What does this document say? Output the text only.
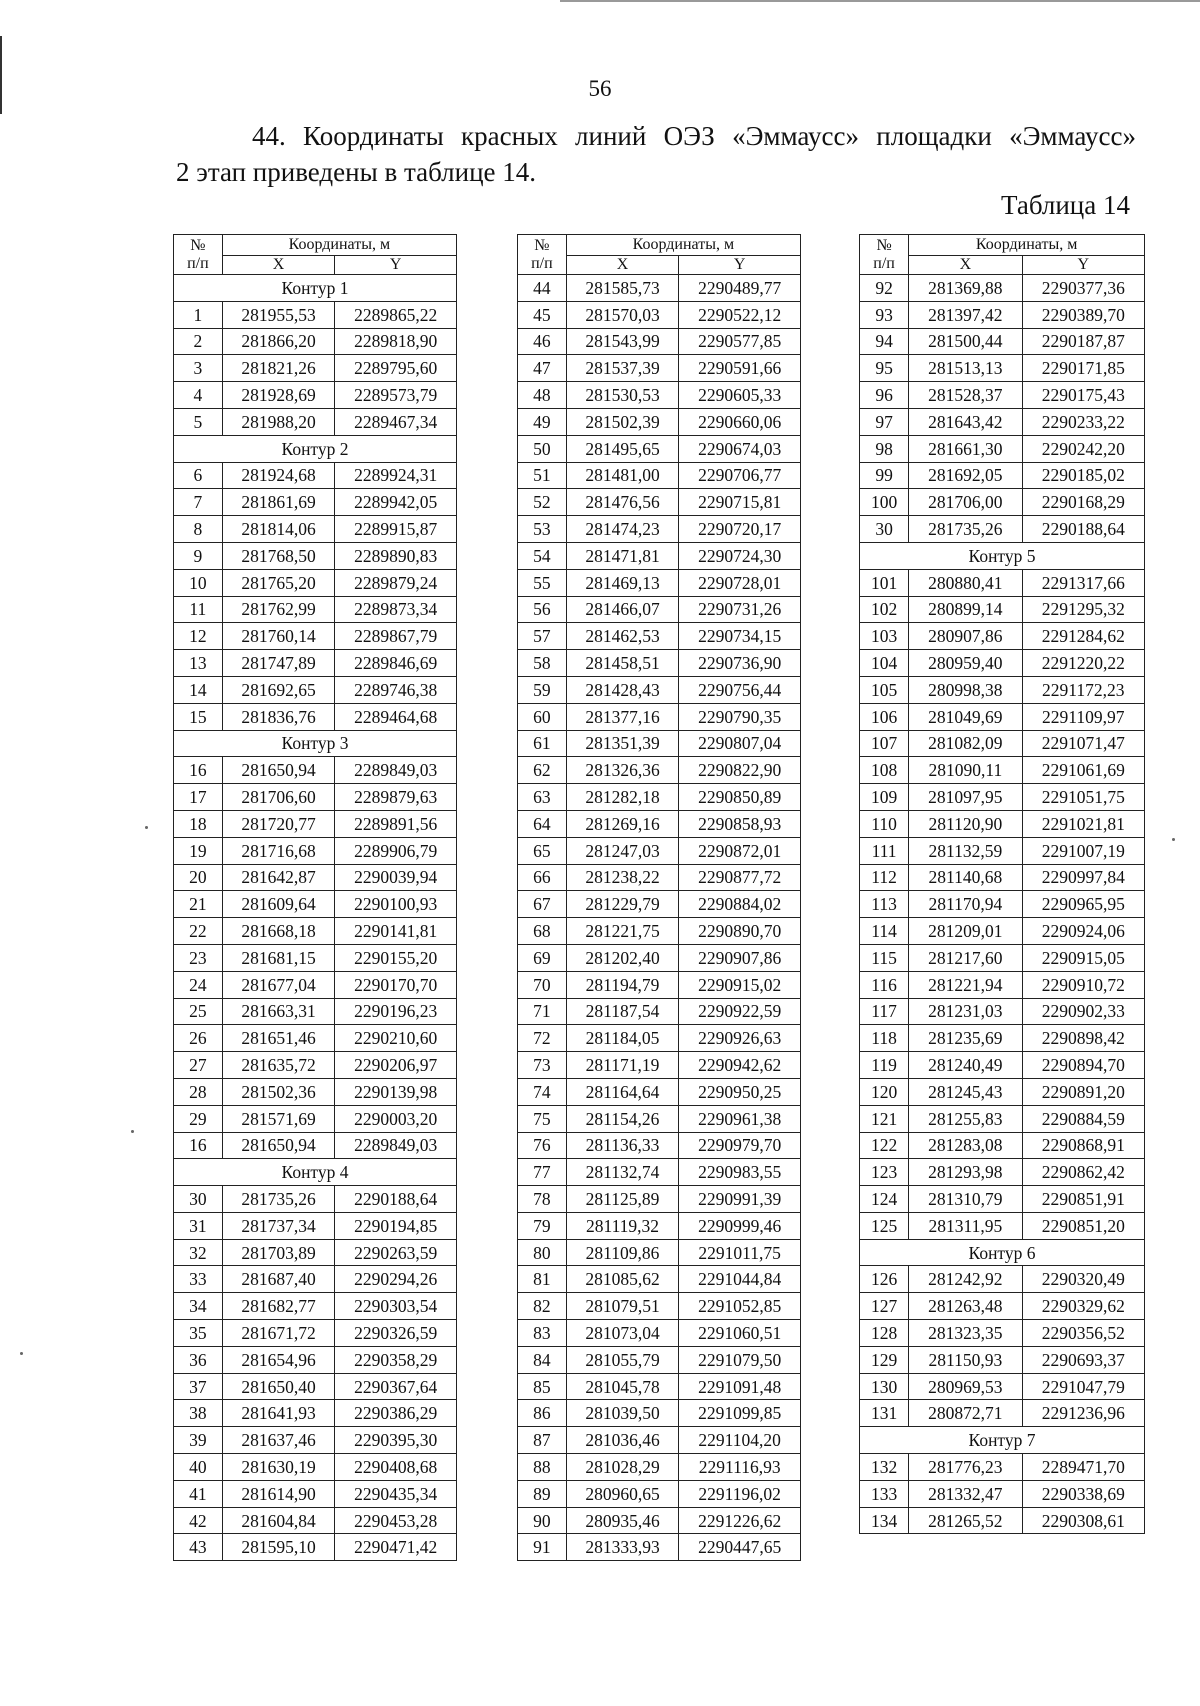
56
44. Координаты красных линий ОЭЗ «Эммаусс» площадки «Эммаусс»
2 этап приведены в таблице 14.
Таблица 14
№
п/п	Координаты, м	
	X	Y
Контур 1		
1	281955,53	2289865,22
2	281866,20	2289818,90
3	281821,26	2289795,60
4	281928,69	2289573,79
5	281988,20	2289467,34
Контур 2		
6	281924,68	2289924,31
7	281861,69	2289942,05
8	281814,06	2289915,87
9	281768,50	2289890,83
10	281765,20	2289879,24
11	281762,99	2289873,34
12	281760,14	2289867,79
13	281747,89	2289846,69
14	281692,65	2289746,38
15	281836,76	2289464,68
Контур 3		
16	281650,94	2289849,03
17	281706,60	2289879,63
18	281720,77	2289891,56
19	281716,68	2289906,79
20	281642,87	2290039,94
21	281609,64	2290100,93
22	281668,18	2290141,81
23	281681,15	2290155,20
24	281677,04	2290170,70
25	281663,31	2290196,23
26	281651,46	2290210,60
27	281635,72	2290206,97
28	281502,36	2290139,98
29	281571,69	2290003,20
16	281650,94	2289849,03
Контур 4		
30	281735,26	2290188,64
31	281737,34	2290194,85
32	281703,89	2290263,59
33	281687,40	2290294,26
34	281682,77	2290303,54
35	281671,72	2290326,59
36	281654,96	2290358,29
37	281650,40	2290367,64
38	281641,93	2290386,29
39	281637,46	2290395,30
40	281630,19	2290408,68
41	281614,90	2290435,34
42	281604,84	2290453,28
43	281595,10	2290471,42
№
п/п	Координаты, м	
	X	Y
44	281585,73	2290489,77
45	281570,03	2290522,12
46	281543,99	2290577,85
47	281537,39	2290591,66
48	281530,53	2290605,33
49	281502,39	2290660,06
50	281495,65	2290674,03
51	281481,00	2290706,77
52	281476,56	2290715,81
53	281474,23	2290720,17
54	281471,81	2290724,30
55	281469,13	2290728,01
56	281466,07	2290731,26
57	281462,53	2290734,15
58	281458,51	2290736,90
59	281428,43	2290756,44
60	281377,16	2290790,35
61	281351,39	2290807,04
62	281326,36	2290822,90
63	281282,18	2290850,89
64	281269,16	2290858,93
65	281247,03	2290872,01
66	281238,22	2290877,72
67	281229,79	2290884,02
68	281221,75	2290890,70
69	281202,40	2290907,86
70	281194,79	2290915,02
71	281187,54	2290922,59
72	281184,05	2290926,63
73	281171,19	2290942,62
74	281164,64	2290950,25
75	281154,26	2290961,38
76	281136,33	2290979,70
77	281132,74	2290983,55
78	281125,89	2290991,39
79	281119,32	2290999,46
80	281109,86	2291011,75
81	281085,62	2291044,84
82	281079,51	2291052,85
83	281073,04	2291060,51
84	281055,79	2291079,50
85	281045,78	2291091,48
86	281039,50	2291099,85
87	281036,46	2291104,20
88	281028,29	2291116,93
89	280960,65	2291196,02
90	280935,46	2291226,62
91	281333,93	2290447,65
№
п/п	Координаты, м	
	X	Y
92	281369,88	2290377,36
93	281397,42	2290389,70
94	281500,44	2290187,87
95	281513,13	2290171,85
96	281528,37	2290175,43
97	281643,42	2290233,22
98	281661,30	2290242,20
99	281692,05	2290185,02
100	281706,00	2290168,29
30	281735,26	2290188,64
Контур 5		
101	280880,41	2291317,66
102	280899,14	2291295,32
103	280907,86	2291284,62
104	280959,40	2291220,22
105	280998,38	2291172,23
106	281049,69	2291109,97
107	281082,09	2291071,47
108	281090,11	2291061,69
109	281097,95	2291051,75
110	281120,90	2291021,81
111	281132,59	2291007,19
112	281140,68	2290997,84
113	281170,94	2290965,95
114	281209,01	2290924,06
115	281217,60	2290915,05
116	281221,94	2290910,72
117	281231,03	2290902,33
118	281235,69	2290898,42
119	281240,49	2290894,70
120	281245,43	2290891,20
121	281255,83	2290884,59
122	281283,08	2290868,91
123	281293,98	2290862,42
124	281310,79	2290851,91
125	281311,95	2290851,20
Контур 6		
126	281242,92	2290320,49
127	281263,48	2290329,62
128	281323,35	2290356,52
129	281150,93	2290693,37
130	280969,53	2291047,79
131	280872,71	2291236,96
Контур 7		
132	281776,23	2289471,70
133	281332,47	2290338,69
134	281265,52	2290308,61
